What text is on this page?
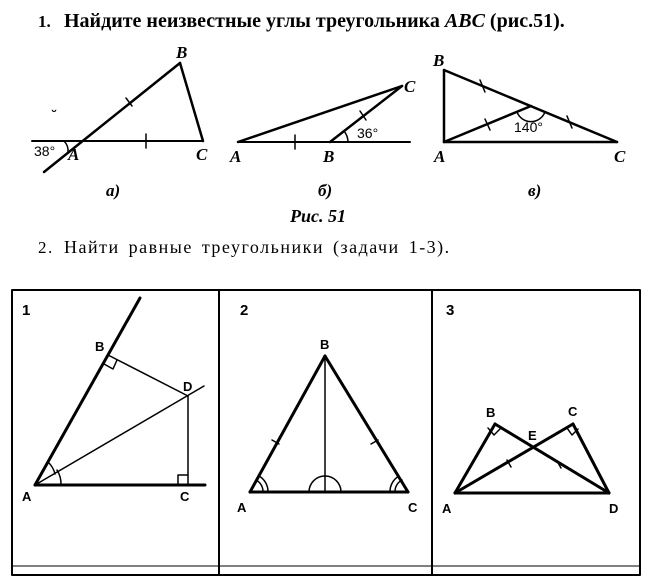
1. Найдите неизвестные углы треугольника ABC (рис.51).
2. Найти равные треугольники (задачи 1-3).
B
A	C
38°
˘
а)
A	B
C
36°
б)
Рис. 51
B
A	C
140°
в)
1
B
D
A	C
2
B
A	C
3
B	C
E
A	D
